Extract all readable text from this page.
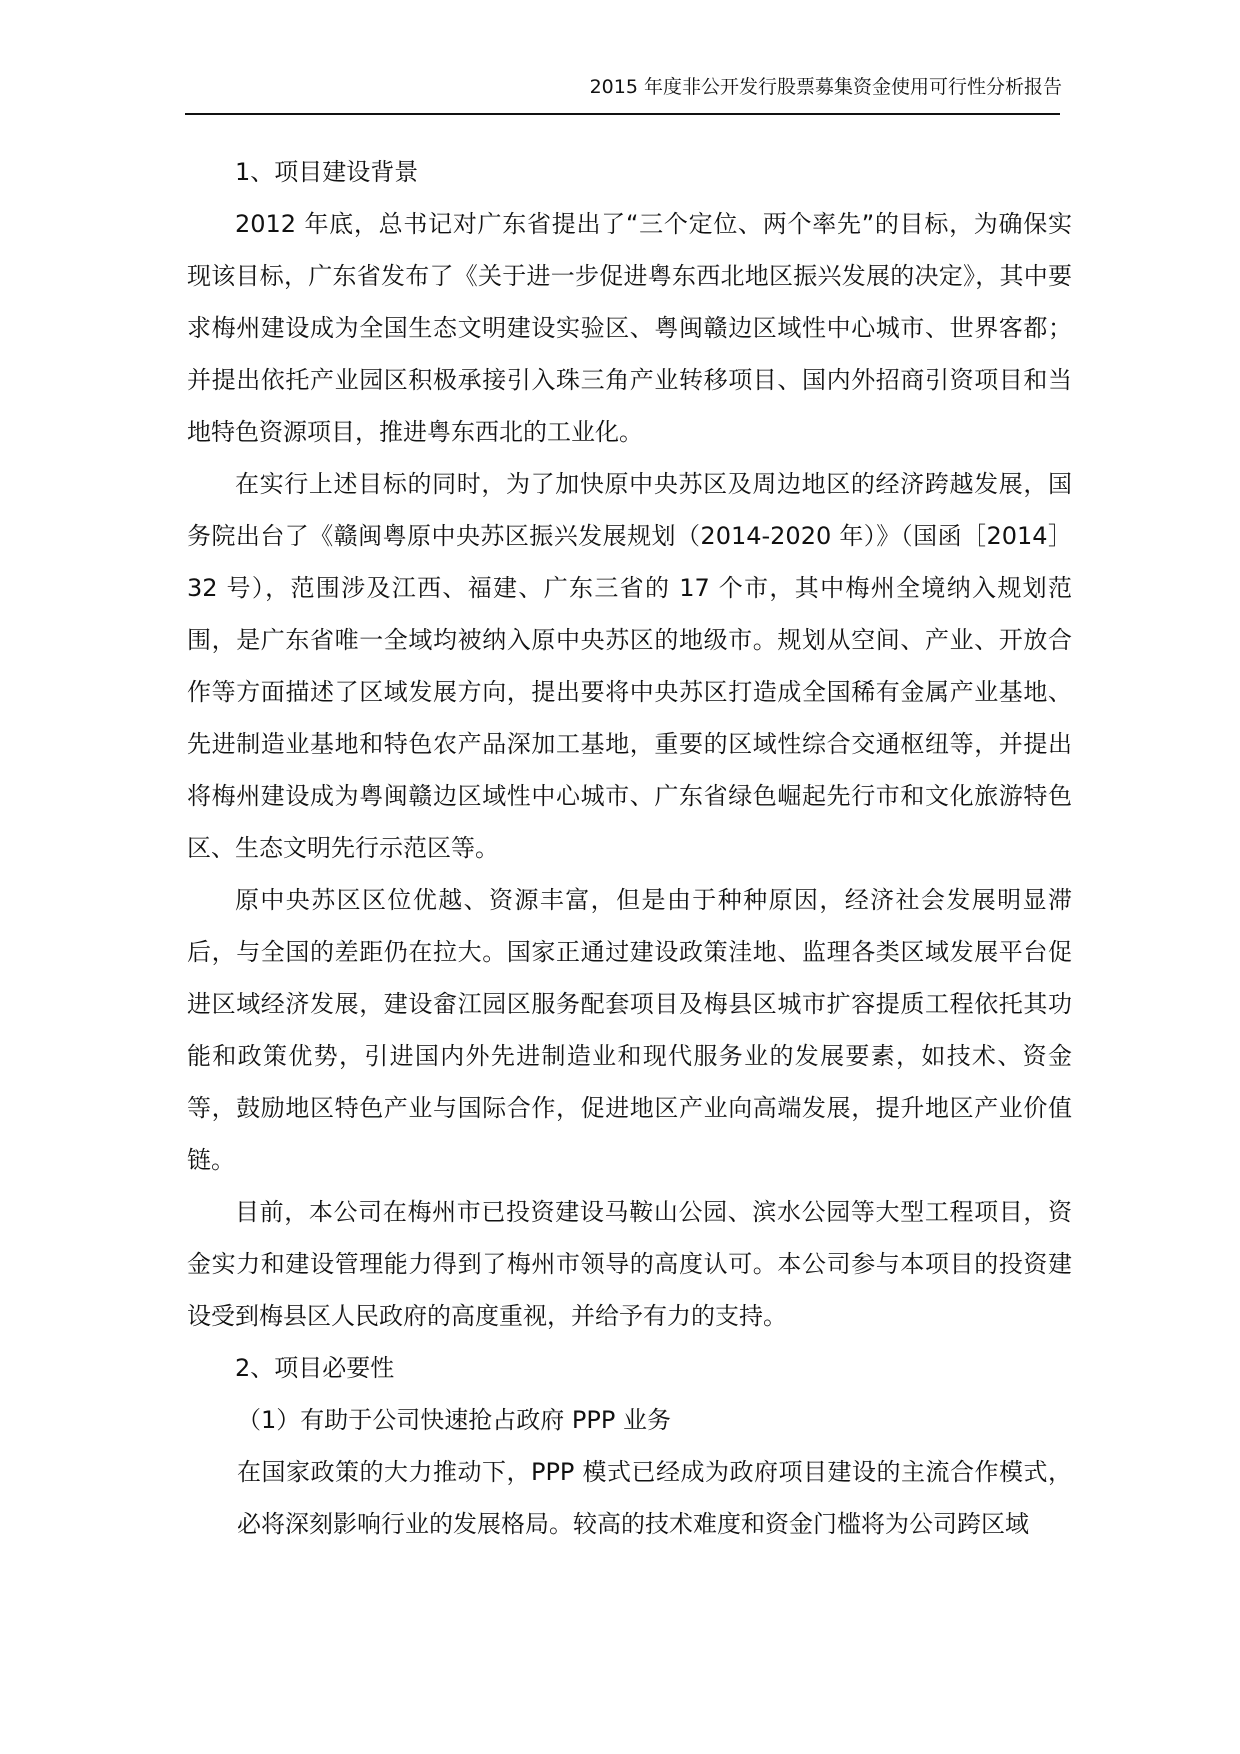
2015 年度非公开发行股票募集资金使用可行性分析报告

1、项目建设背景

2012 年底，总书记对广东省提出了“三个定位、两个率先”的目标，为确保实现该目标，广东省发布了《关于进一步促进粤东西北地区振兴发展的决定》，其中要求梅州建设成为全国生态文明建设实验区、粤闽赣边区域性中心城市、世界客都；并提出依托产业园区积极承接引入珠三角产业转移项目、国内外招商引资项目和当地特色资源项目，推进粤东西北的工业化。

在实行上述目标的同时，为了加快原中央苏区及周边地区的经济跨越发展，国务院出台了《赣闽粤原中央苏区振兴发展规划（2014-2020 年）》（国函［2014］ 32 号），范围涉及江西、福建、广东三省的 17 个市，其中梅州全境纳入规划范围，是广东省唯一全域均被纳入原中央苏区的地级市。规划从空间、产业、开放合作等方面描述了区域发展方向，提出要将中央苏区打造成全国稀有金属产业基地、先进制造业基地和特色农产品深加工基地，重要的区域性综合交通枢纽等，并提出将梅州建设成为粤闽赣边区域性中心城市、广东省绿色崛起先行市和文化旅游特色区、生态文明先行示范区等。

原中央苏区区位优越、资源丰富，但是由于种种原因，经济社会发展明显滞后，与全国的差距仍在拉大。国家正通过建设政策洼地、监理各类区域发展平台促进区域经济发展，建设畲江园区服务配套项目及梅县区城市扩容提质工程依托其功能和政策优势，引进国内外先进制造业和现代服务业的发展要素，如技术、资金等，鼓励地区特色产业与国际合作，促进地区产业向高端发展，提升地区产业价值链。

目前，本公司在梅州市已投资建设马鞍山公园、滨水公园等大型工程项目，资金实力和建设管理能力得到了梅州市领导的高度认可。本公司参与本项目的投资建设受到梅县区人民政府的高度重视，并给予有力的支持。

2、项目必要性

（1）有助于公司快速抢占政府 PPP 业务

在国家政策的大力推动下，PPP 模式已经成为政府项目建设的主流合作模式，必将深刻影响行业的发展格局。较高的技术难度和资金门槛将为公司跨区域
